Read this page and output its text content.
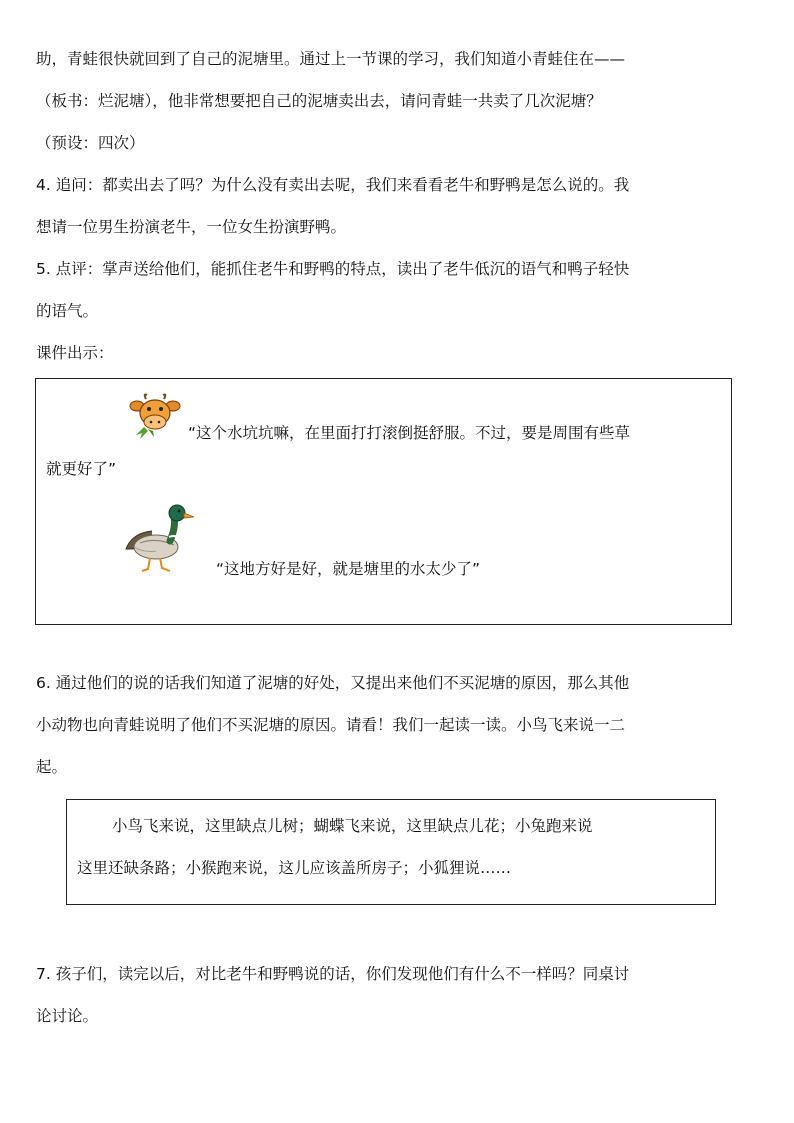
助，青蛙很快就回到了自己的泥塘里。通过上一节课的学习，我们知道小青蛙住在——
（板书：烂泥塘），他非常想要把自己的泥塘卖出去，请问青蛙一共卖了几次泥塘？
（预设：四次）
4. 追问：都卖出去了吗？为什么没有卖出去呢，我们来看看老牛和野鸭是怎么说的。我
想请一位男生扮演老牛，一位女生扮演野鸭。
5. 点评：掌声送给他们，能抓住老牛和野鸭的特点，读出了老牛低沉的语气和鸭子轻快
的语气。
课件出示：
“这个水坑坑嘛，在里面打打滚倒挺舒服。不过，要是周围有些草
就更好了”
“这地方好是好，就是塘里的水太少了”
6. 通过他们的说的话我们知道了泥塘的好处，又提出来他们不买泥塘的原因，那么其他
小动物也向青蛙说明了他们不买泥塘的原因。请看！我们一起读一读。小鸟飞来说一二
起。
小鸟飞来说，这里缺点儿树；蝴蝶飞来说，这里缺点儿花；小兔跑来说
这里还缺条路；小猴跑来说，这儿应该盖所房子；小狐狸说……
7. 孩子们，读完以后，对比老牛和野鸭说的话，你们发现他们有什么不一样吗？同桌讨
论讨论。
